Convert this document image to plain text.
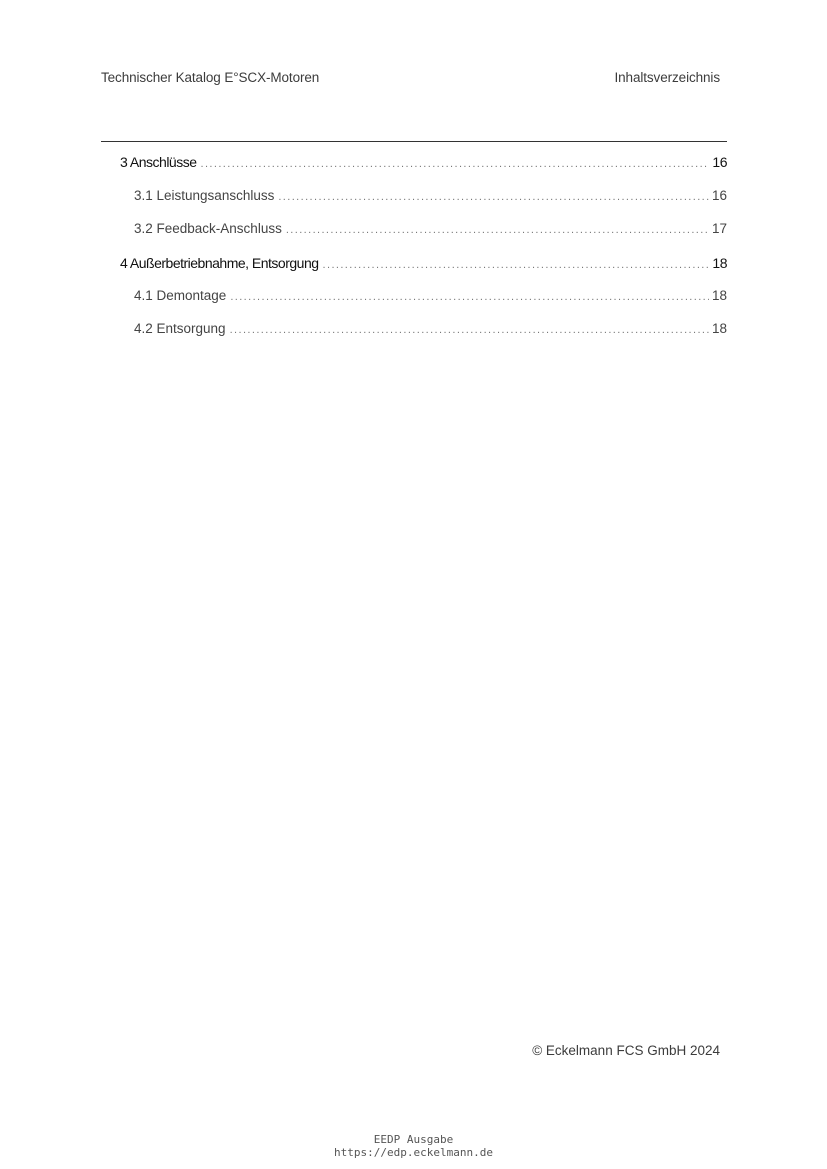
Technischer Katalog E°SCX-Motoren	Inhaltsverzeichnis
3 Anschlüsse .....	16
3.1 Leistungsanschluss .....	16
3.2 Feedback-Anschluss .....	17
4 Außerbetriebnahme, Entsorgung .....	18
4.1 Demontage .....	18
4.2 Entsorgung .....	18
© Eckelmann FCS GmbH 2024
EEDP Ausgabe
https://edp.eckelmann.de
